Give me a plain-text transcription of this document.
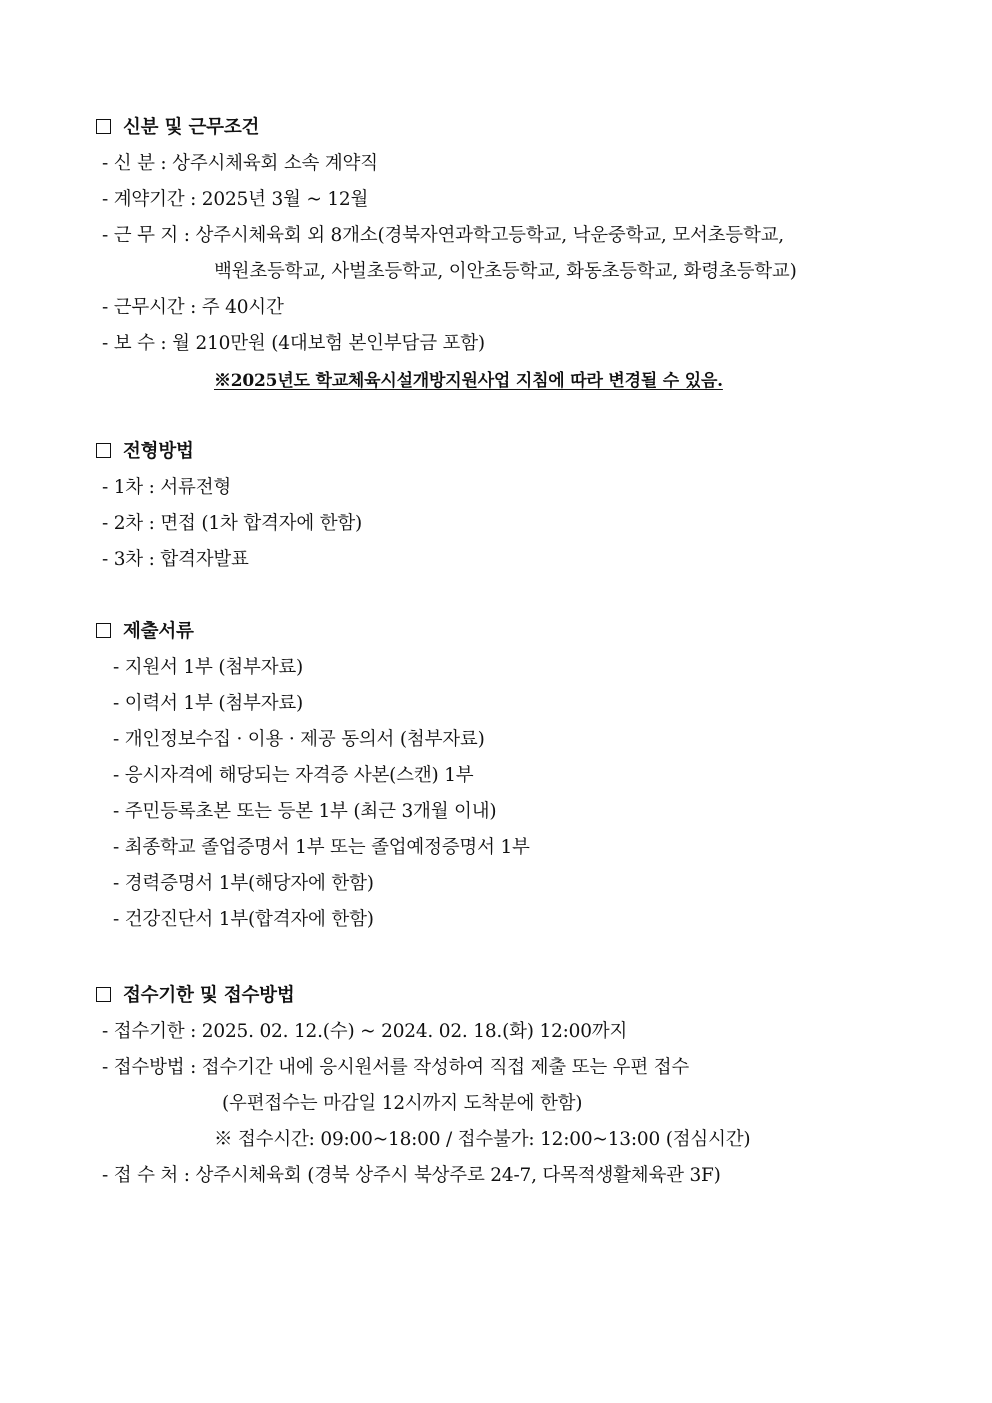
신분 및 근무조건
- 신 분 : 상주시체육회 소속 계약직
- 계약기간 : 2025년 3월 ~ 12월
- 근 무 지 : 상주시체육회 외 8개소(경북자연과학고등학교, 낙운중학교, 모서초등학교,
백원초등학교, 사벌초등학교, 이안초등학교, 화동초등학교, 화령초등학교)
- 근무시간 : 주 40시간
- 보 수 : 월 210만원 (4대보험 본인부담금 포함)
※2025년도 학교체육시설개방지원사업 지침에 따라 변경될 수 있음.
전형방법
- 1차 : 서류전형
- 2차 : 면접 (1차 합격자에 한함)
- 3차 : 합격자발표
제출서류
- 지원서 1부 (첨부자료)
- 이력서 1부 (첨부자료)
- 개인정보수집 · 이용 · 제공 동의서 (첨부자료)
- 응시자격에 해당되는 자격증 사본(스캔) 1부
- 주민등록초본 또는 등본 1부 (최근 3개월 이내)
- 최종학교 졸업증명서 1부 또는 졸업예정증명서 1부
- 경력증명서 1부(해당자에 한함)
- 건강진단서 1부(합격자에 한함)
접수기한 및 접수방법
- 접수기한 : 2025. 02. 12.(수) ~ 2024. 02. 18.(화) 12:00까지
- 접수방법 : 접수기간 내에 응시원서를 작성하여 직접 제출 또는 우편 접수
(우편접수는 마감일 12시까지 도착분에 한함)
※ 접수시간: 09:00~18:00 / 접수불가: 12:00~13:00 (점심시간)
- 접 수 처 : 상주시체육회 (경북 상주시 북상주로 24-7, 다목적생활체육관 3F)
